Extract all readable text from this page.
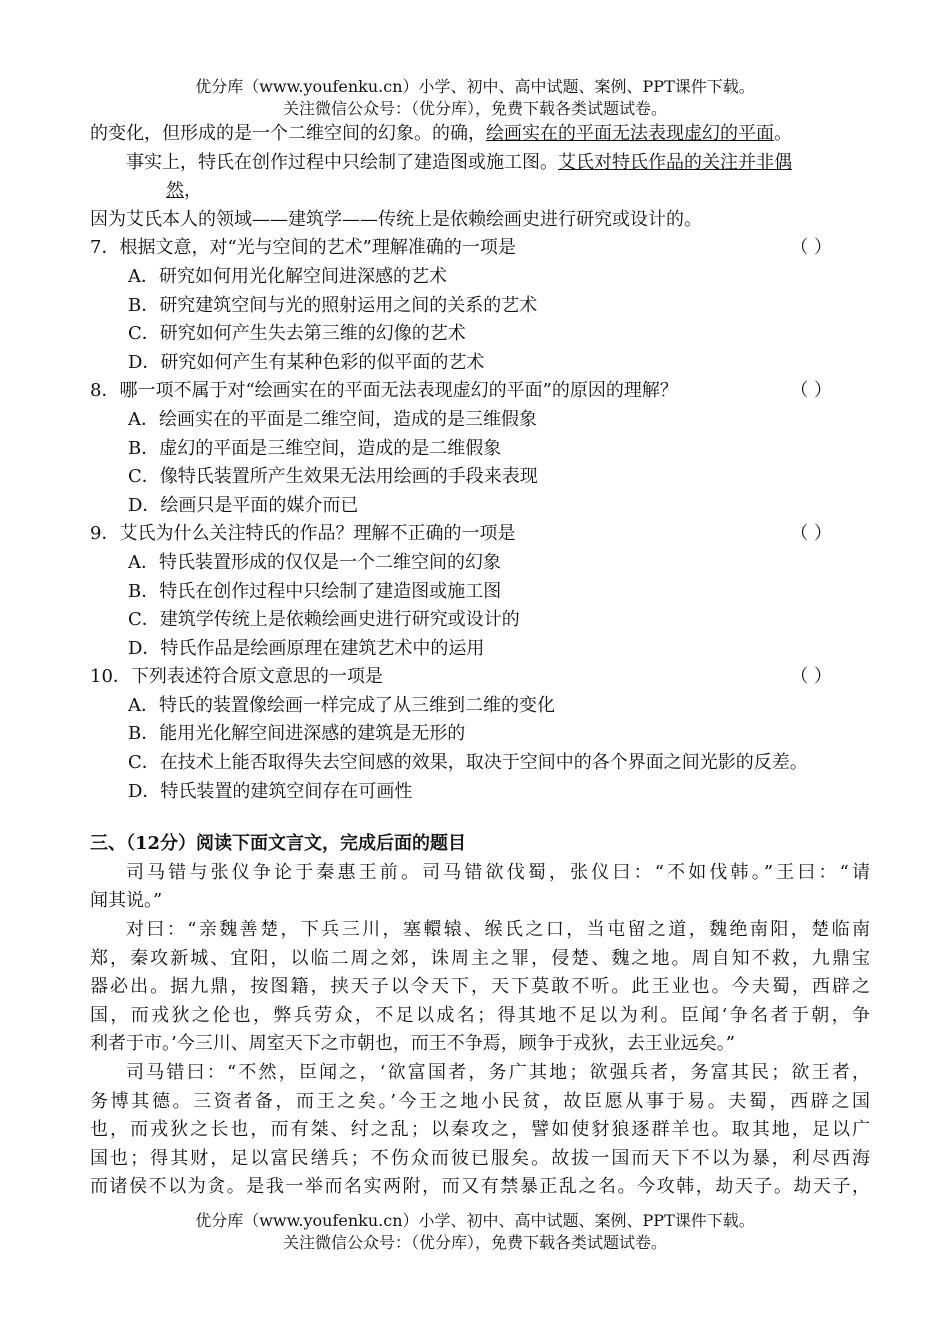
优分库（www.youfenku.cn）小学、初中、高中试题、案例、PPT课件下载。
关注微信公众号：（优分库），免费下载各类试题试卷。

的变化，但形成的是一个二维空间的幻象。的确，绘画实在的平面无法表现虚幻的平面。

事实上，特氏在创作过程中只绘制了建造图或施工图。艾氏对特氏作品的关注并非偶

然，

因为艾氏本人的领域——建筑学——传统上是依赖绘画史进行研究或设计的。

7．根据文意，对“光与空间的艺术”理解准确的一项是	（ ）

A．研究如何用光化解空间进深感的艺术

B．研究建筑空间与光的照射运用之间的关系的艺术

C．研究如何产生失去第三维的幻像的艺术

D．研究如何产生有某种色彩的似平面的艺术

8．哪一项不属于对“绘画实在的平面无法表现虚幻的平面”的原因的理解？	（ ）

A．绘画实在的平面是二维空间，造成的是三维假象

B．虚幻的平面是三维空间，造成的是二维假象

C．像特氏装置所产生效果无法用绘画的手段来表现

D．绘画只是平面的媒介而已

9．艾氏为什么关注特氏的作品？理解不正确的一项是	（ ）

A．特氏装置形成的仅仅是一个二维空间的幻象

B．特氏在创作过程中只绘制了建造图或施工图

C．建筑学传统上是依赖绘画史进行研究或设计的

D．特氏作品是绘画原理在建筑艺术中的运用

10．下列表述符合原文意思的一项是	（ ）

A．特氏的装置像绘画一样完成了从三维到二维的变化

B．能用光化解空间进深感的建筑是无形的

C．在技术上能否取得失去空间感的效果，取决于空间中的各个界面之间光影的反差。

D．特氏装置的建筑空间存在可画性

三、（12分）阅读下面文言文，完成后面的题目

司马错与张仪争论于秦惠王前。司马错欲伐蜀，张仪曰：“不如伐韩。”王曰：“请

闻其说。”

对曰：“亲魏善楚，下兵三川，塞轘辕、缑氏之口，当屯留之道，魏绝南阳，楚临南

郑，秦攻新城、宜阳，以临二周之郊，诛周主之罪，侵楚、魏之地。周自知不救，九鼎宝

器必出。据九鼎，按图籍，挟天子以令天下，天下莫敢不听。此王业也。今夫蜀，西辟之

国，而戎狄之伦也，弊兵劳众，不足以成名；得其地不足以为利。臣闻‘争名者于朝，争

利者于市。’今三川、周室天下之市朝也，而王不争焉，顾争于戎狄，去王业远矣。”

司马错曰：“不然，臣闻之，‘欲富国者，务广其地；欲强兵者，务富其民；欲王者，

务博其德。三资者备，而王之矣。’今王之地小民贫，故臣愿从事于易。夫蜀，西辟之国

也，而戎狄之长也，而有桀、纣之乱；以秦攻之，譬如使豺狼逐群羊也。取其地，足以广

国也；得其财，足以富民缮兵；不伤众而彼已服矣。故拔一国而天下不以为暴，利尽西海

而诸侯不以为贪。是我一举而名实两附，而又有禁暴正乱之名。今攻韩，劫天子。劫天子，

优分库（www.youfenku.cn）小学、初中、高中试题、案例、PPT课件下载。
关注微信公众号：（优分库），免费下载各类试题试卷。
